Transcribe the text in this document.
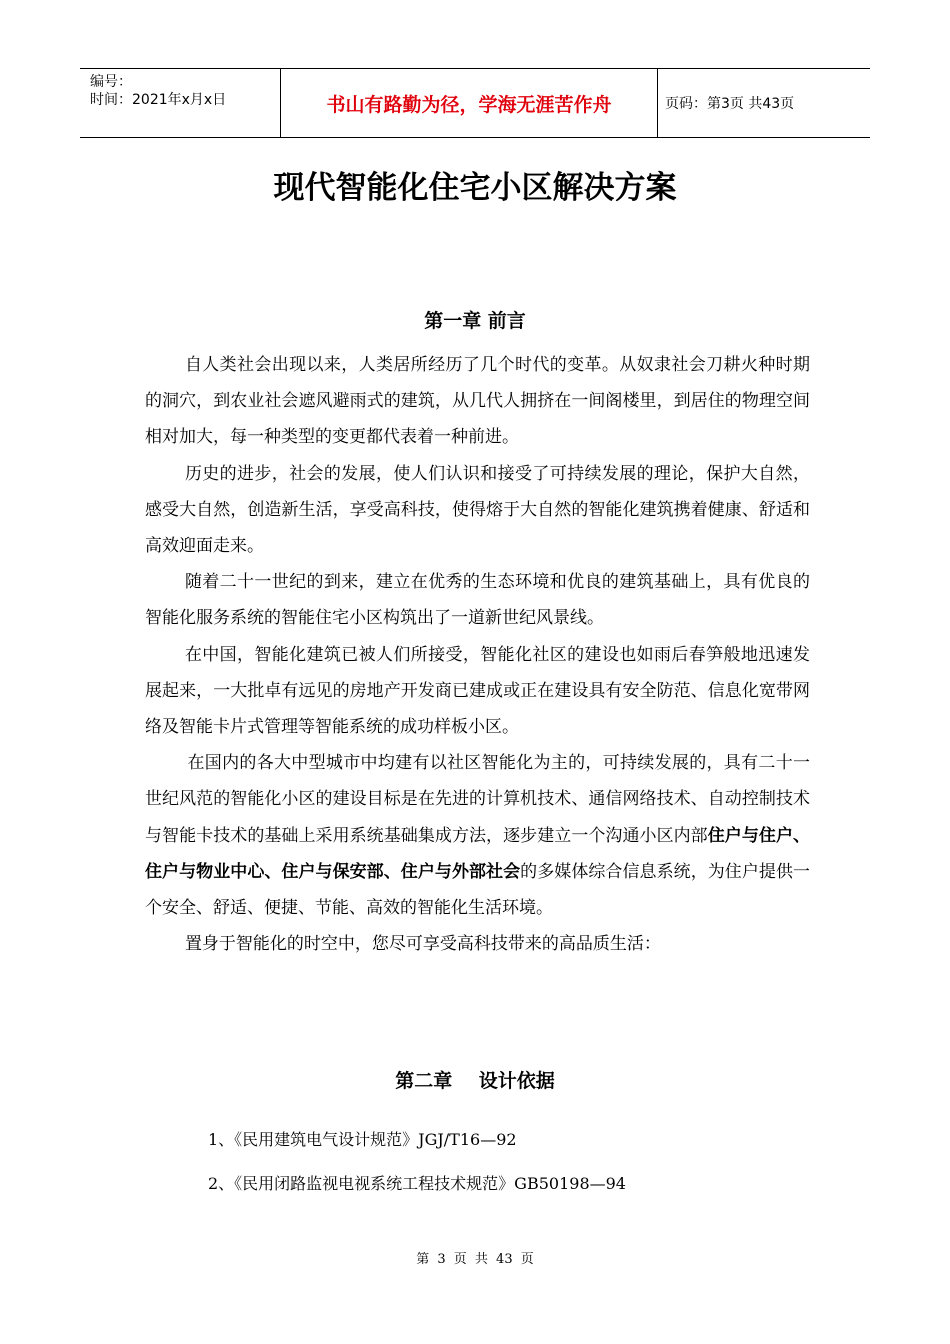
编号：
时间：2021年x月x日	书山有路勤为径，学海无涯苦作舟	页码：第3页 共43页
现代智能化住宅小区解决方案
第一章 前言

自人类社会出现以来，人类居所经历了几个时代的变革。从奴隶社会刀耕火种时期的洞穴，到农业社会遮风避雨式的建筑，从几代人拥挤在一间阁楼里，到居住的物理空间相对加大，每一种类型的变更都代表着一种前进。

历史的进步，社会的发展，使人们认识和接受了可持续发展的理论，保护大自然，感受大自然，创造新生活，享受高科技，使得熔于大自然的智能化建筑携着健康、舒适和高效迎面走来。

随着二十一世纪的到来，建立在优秀的生态环境和优良的建筑基础上，具有优良的智能化服务系统的智能住宅小区构筑出了一道新世纪风景线。

在中国，智能化建筑已被人们所接受，智能化社区的建设也如雨后春笋般地迅速发展起来，一大批卓有远见的房地产开发商已建成或正在建设具有安全防范、信息化宽带网络及智能卡片式管理等智能系统的成功样板小区。

在国内的各大中型城市中均建有以社区智能化为主的，可持续发展的，具有二十一世纪风范的智能化小区的建设目标是在先进的计算机技术、通信网络技术、自动控制技术与智能卡技术的基础上采用系统基础集成方法，逐步建立一个沟通小区内部住户与住户、住户与物业中心、住户与保安部、住户与外部社会的多媒体综合信息系统，为住户提供一个安全、舒适、便捷、节能、高效的智能化生活环境。

置身于智能化的时空中，您尽可享受高科技带来的高品质生活：

第二章    设计依据
1、《民用建筑电气设计规范》JGJ/T16—92
2、《民用闭路监视电视系统工程技术规范》GB50198—94
第 3 页 共 43 页
